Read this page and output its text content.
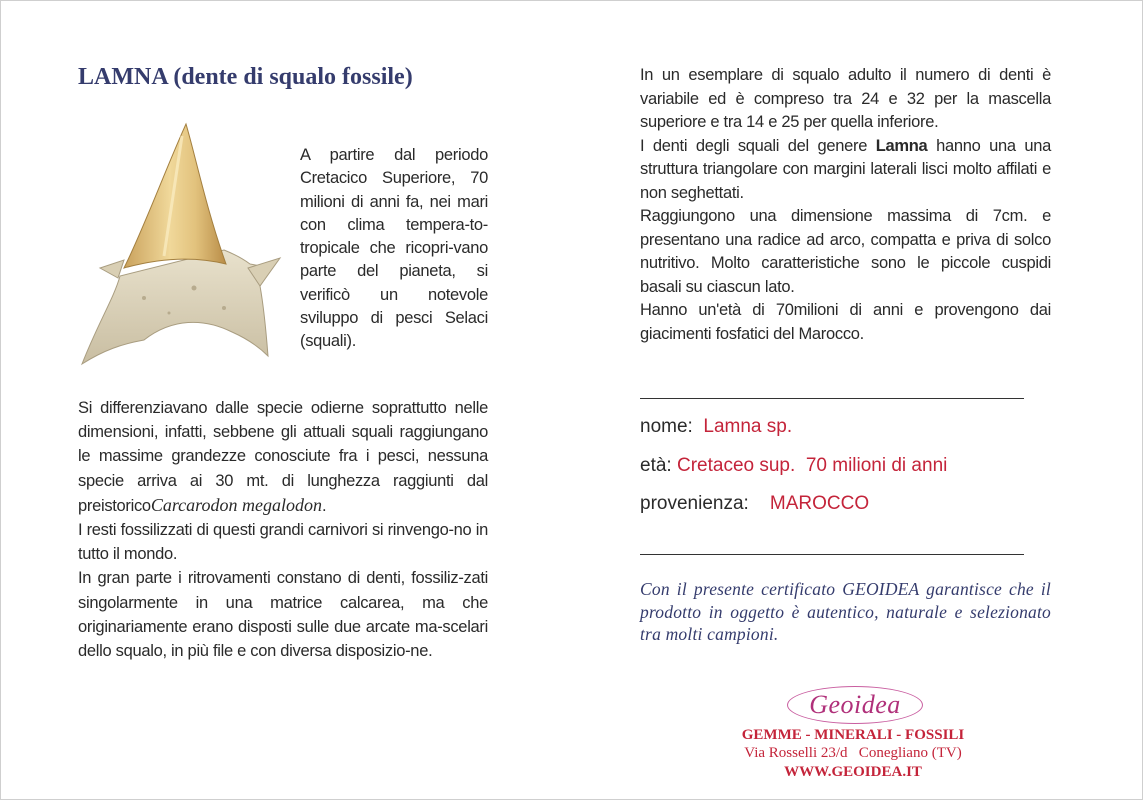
LAMNA (dente di squalo fossile)
A partire dal periodo Cretacico Superiore, 70 milioni di anni fa, nei mari con clima tempera-to-tropicale che ricopri-vano parte del pianeta, si verificò un notevole sviluppo di pesci Selaci (squali).

Si differenziavano dalle specie odierne soprattutto nelle dimensioni, infatti, sebbene gli attuali squali raggiungano le massime grandezze conosciute fra i pesci, nessuna specie arriva ai 30 mt. di lunghezza raggiunti dal preistoricoCarcarodon megalodon.

I resti fossilizzati di questi grandi carnivori si rinvengo-no in tutto il mondo.

In gran parte i ritrovamenti constano di denti, fossiliz-zati singolarmente in una matrice calcarea, ma che originariamente erano disposti sulle due arcate ma-scelari dello squalo, in più file e con diversa disposizio-ne.

In un esemplare di squalo adulto il numero di denti è variabile ed è compreso tra 24 e 32 per la mascella superiore e tra 14 e 25 per quella inferiore.

I denti degli squali del genere Lamna hanno una una struttura triangolare con margini laterali lisci molto affilati e non seghettati.

Raggiungono una dimensione massima di 7cm. e presentano una radice ad arco, compatta e priva di solco nutritivo. Molto caratteristiche sono le piccole cuspidi basali su ciascun lato.

Hanno un'età di 70milioni di anni e provengono dai giacimenti fosfatici del Marocco.

nome: Lamna sp.
età: Cretaceo sup.  70 milioni di anni
provenienza: MAROCCO
Con il presente certificato GEOIDEA garantisce che il prodotto in oggetto è autentico, naturale e selezionato tra molti campioni.
Geoidea
GEMME - MINERALI - FOSSILI
Via Rosselli 23/d   Conegliano (TV)
WWW.GEOIDEA.IT
